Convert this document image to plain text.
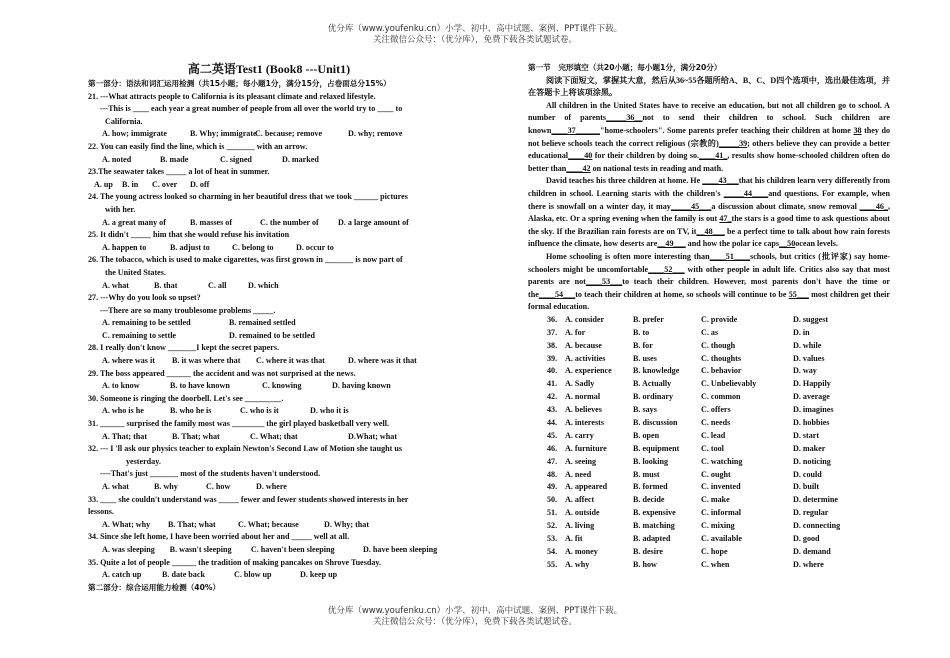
优分库（www.youfenku.cn）小学、初中、高中试题、案例、PPT课件下载。
关注微信公众号：（优分库），免费下载各类试题试卷。
高二英语Test1 (Book8 ---Unit1)
第一部分：语法和词汇运用检测（共15小题；每小题1分，满分15分，占卷面总分15%）
21. ---What attracts people to California is its pleasant climate and relaxed lifestyle.
---This is ____ each year a great number of people from all over the world try to ____ to
California.
A. how; immigrate	B. Why; immigrate
C. because; remove	D. why; remove
22. You can easily find the line, which is _______ with an arrow.
A. noted	B. made	C. signed	D. marked
23.The seawater takes _____ a lot of heat in summer.
A. up	B. in	C. over	D. off
24. The young actress looked so charming in her beautiful dress that we took ______ pictures
with her.
A. a great many of	B. masses of	C. the number of	D. a large amount of
25. It didn't _____ him that she would refuse his invitation
A. happen to	B. adjust to	C. belong to	D. occur to
26. The tobacco, which is used to make cigarettes, was first grown in _______ is now part of
the United States.
A. what	B. that	C. all	D. which
27. ---Why do you look so upset?
---There are so many troublesome problems _____.
A. remaining to be settled	B. remained settled
C. remaining to settle	D. remained to be settled
28. I really don't know _______I kept the secret papers.
A. where was it	B. it was where that	C. where it was that	D. where was it that
29. The boss appeared ______ the accident and was not surprised at the news.
A. to know	B. to have known	C. knowing	D. having known
30. Someone is ringing the doorbell. Let's see _________.
A. who is he	B. who he is	C. who is it	D. who it is
31. ______ surprised the family most was ________ the girl played basketball very well.
A. That; that	B. That; what	C. What; that	D.What; what
32. --- I 'll ask our physics teacher to explain Newton's Second Law of Motion she taught us
yesterday.
----That's just _______ most of the students haven't understood.
A. what	B. why	C. how	D. where
33. ____ she couldn't understand was _____ fewer and fewer students showed interests in her
lessons.
A. What; why	B. That; what	C. What; because	D. Why; that
34. Since she left home, I have been worried about her and _____ well at all.
A. was sleeping	B. wasn't sleeping	C. haven't been sleeping	D. have been sleeping
35. Quite a lot of people ______ the tradition of making pancakes on Shrove Tuesday.
A. catch up	B. date back	C. blow up	D. keep up
第二部分：综合运用能力检测（40%）
第一节　完形填空（共20小题；每小题1分，满分20分）
阅读下面短文，掌握其大意，然后从36~55各题所给A、B、C、D四个选项中，选出最佳选项，并在答题卡上将该项涂黑。
All children in the United States have to receive an education, but not all children go to school. A number of parents_____36__not to send their children to school. Such children are known____37______"home-schoolers". Some parents prefer teaching their children at home 38 they do not believe schools teach the correct religious (宗教的)_____39; others believe they can provide a better educational____40 for their children by doing so.____41_, results show home-schooled children often do better than____42 on national tests in reading and math.
David teaches his three children at home. He ____43___that his children learn very differently from children in school. Learning starts with the children's _____44____and questions. For example, when there is snowfall on a winter day, it may_____45___a discussion about climate, snow removal ____46_, Alaska, etc. Or a spring evening when the family is out 47_the stars is a good time to ask questions about the sky. If the Brazilian rain forests are on TV, it__48___ be a perfect time to talk about how rain forests influence the climate, how deserts are__49___ and how the polar ice caps__50ocean levels.
Home schooling is often more interesting than____51____schools, but critics (批评家) say home-schoolers might be uncomfortable____52___ with other people in adult life. Critics also say that most parents are not____53___to teach their children. However, most parents don't have the time or the____54___to teach their children at home, so schools will continue to be 55___ most children get their formal education.
36. A. consider	B. prefer	C. provide	D. suggest
37. A. for	B. to	C. as	D. in
38. A. because	B. for	C. though	D. while
39. A. activities	B. uses	C. thoughts	D. values
40. A. experience	B. knowledge	C. behavior	D. way
41. A. Sadly	B. Actually	C. Unbelievably	D. Happily
42. A. normal	B. ordinary	C. common	D. average
43. A. believes	B. says	C. offers	D. imagines
44. A. interests	B. discussion	C. needs	D. hobbies
45. A. carry	B. open	C. lead	D. start
46. A. furniture	B. equipment	C. tool	D. maker
47. A. seeing	B. looking	C. watching	D. noticing
48. A. need	B. must	C. ought	D. could
49. A. appeared	B. formed	C. invented	D. built
50. A. affect	B. decide	C. make	D. determine
51. A. outside	B. expensive	C. informal	D. regular
52. A. living	B. matching	C. mixing	D. connecting
53. A. fit	B. adapted	C. available	D. good
54. A. money	B. desire	C. hope	D. demand
55. A. why	B. how	C. when	D. where
优分库（www.youfenku.cn）小学、初中、高中试题、案例、PPT课件下载。
关注微信公众号：（优分库），免费下载各类试题试卷。
